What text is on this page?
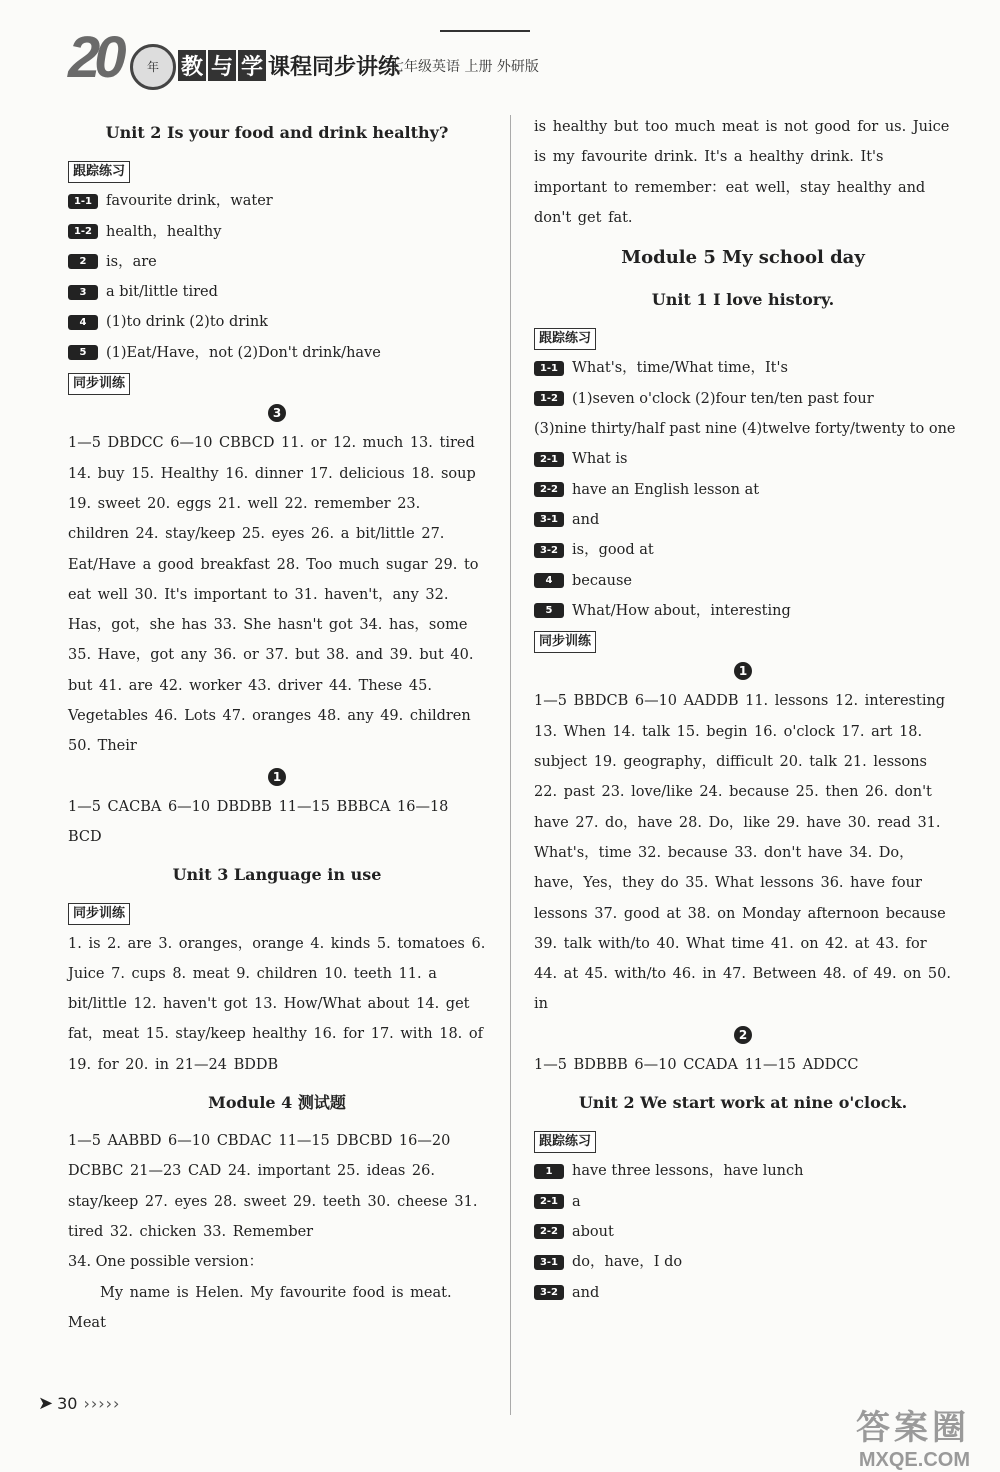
20	年	教 与 学 课程同步讲练
七年级英语 上册 外研版
Unit 2 Is your food and drink healthy?
跟踪练习
1-1 favourite drink，water
1-2 health，healthy
2 is，are
3 a bit/little tired
4 (1)to drink (2)to drink
5 (1)Eat/Have，not (2)Don't drink/have
同步训练
3
1—5 DBDCC 6—10 CBBCD 11. or 12. much 13. tired 14. buy 15. Healthy 16. dinner 17. delicious 18. soup 19. sweet 20. eggs 21. well 22. remember 23. children 24. stay/keep 25. eyes 26. a bit/little 27. Eat/Have a good breakfast 28. Too much sugar 29. to eat well 30. It's important to 31. haven't，any 32. Has，got，she has 33. She hasn't got 34. has，some 35. Have，got any 36. or 37. but 38. and 39. but 40. but 41. are 42. worker 43. driver 44. These 45. Vegetables 46. Lots 47. oranges 48. any 49. children 50. Their
1
1—5 CACBA 6—10 DBDBB 11—15 BBBCA 16—18 BCD
Unit 3 Language in use
同步训练
1. is 2. are 3. oranges，orange 4. kinds 5. tomatoes 6. Juice 7. cups 8. meat 9. children 10. teeth 11. a bit/little 12. haven't got 13. How/What about 14. get fat，meat 15. stay/keep healthy 16. for 17. with 18. of 19. for 20. in 21—24 BDDB
Module 4 测试题
1—5 AABBD 6—10 CBDAC 11—15 DBCBD 16—20 DCBBC 21—23 CAD 24. important 25. ideas 26. stay/keep 27. eyes 28. sweet 29. teeth 30. cheese 31. tired 32. chicken 33. Remember
34. One possible version：
My name is Helen. My favourite food is meat. Meat
is healthy but too much meat is not good for us. Juice is my favourite drink. It's a healthy drink. It's important to remember：eat well，stay healthy and don't get fat.
Module 5 My school day
Unit 1 I love history.
跟踪练习
1-1 What's，time/What time，It's
1-2 (1)seven o'clock (2)four ten/ten past four
(3)nine thirty/half past nine (4)twelve forty/twenty to one
2-1 What is
2-2 have an English lesson at
3-1 and
3-2 is，good at
4 because
5 What/How about，interesting
同步训练
1
1—5 BBDCB 6—10 AADDB 11. lessons 12. interesting 13. When 14. talk 15. begin 16. o'clock 17. art 18. subject 19. geography，difficult 20. talk 21. lessons 22. past 23. love/like 24. because 25. then 26. don't have 27. do，have 28. Do，like 29. have 30. read 31. What's，time 32. because 33. don't have 34. Do，have，Yes，they do 35. What lessons 36. have four lessons 37. good at 38. on Monday afternoon because 39. talk with/to 40. What time 41. on 42. at 43. for 44. at 45. with/to 46. in 47. Between 48. of 49. on 50. in
2
1—5 BDBBB 6—10 CCADA 11—15 ADDCC
Unit 2 We start work at nine o'clock.
跟踪练习
1 have three lessons，have lunch
2-1 a
2-2 about
3-1 do，have，I do
3-2 and
➤ 30 ›››››
答案圈
MXQE.COM
